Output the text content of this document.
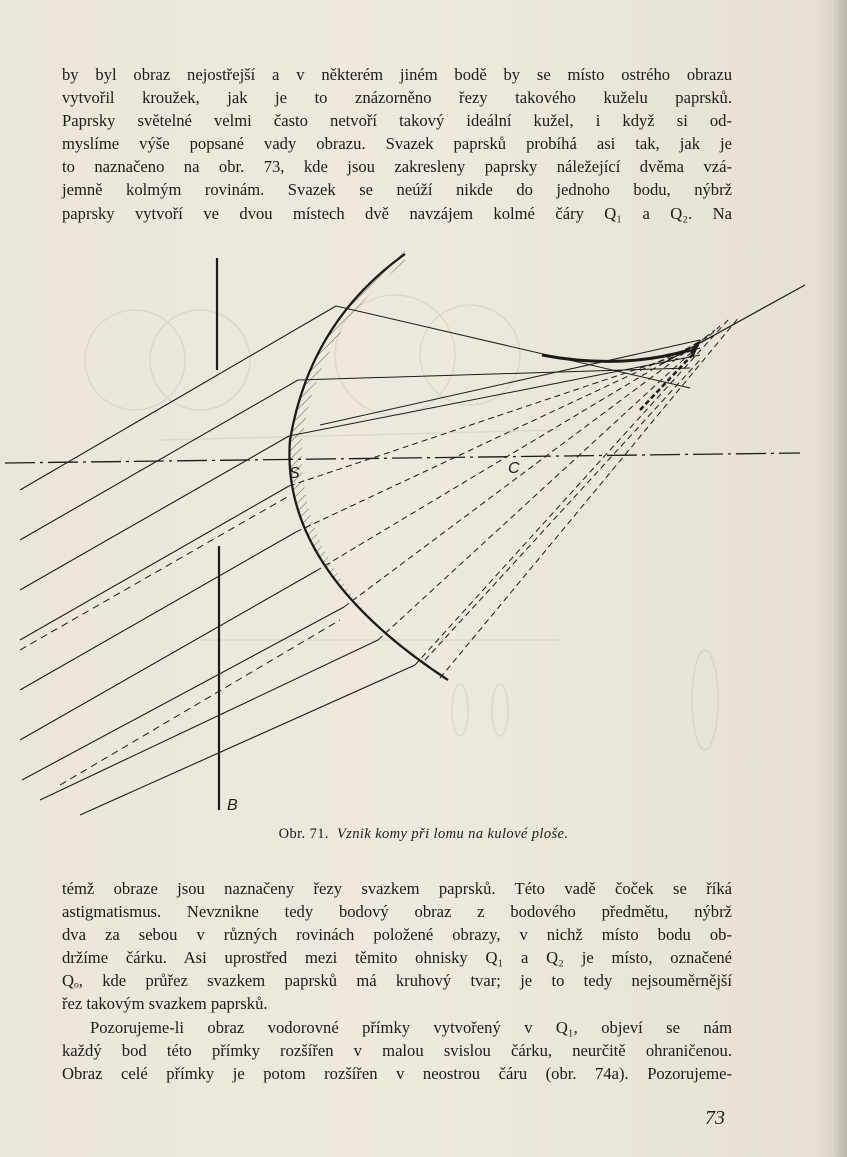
by byl obraz nejostřejší a v některém jiném bodě by se místo ostrého obrazu
vytvořil kroužek, jak je to znázorněno řezy takového kuželu paprsků.
Paprsky světelné velmi často netvoří takový ideální kužel, i když si od-
myslíme výše popsané vady obrazu. Svazek paprsků probíhá asi tak, jak je
to naznačeno na obr. 73, kde jsou zakresleny paprsky náležející dvěma vzá-
jemně kolmým rovinám. Svazek se neúží nikde do jednoho bodu, nýbrž
paprsky vytvoří ve dvou místech dvě navzájem kolmé čáry Q₁ a Q₂. Na
S	C
B
Obr. 71. Vznik komy při lomu na kulové ploše.
témž obraze jsou naznačeny řezy svazkem paprsků. Této vadě čoček se říká
astigmatismus. Nevznikne tedy bodový obraz z bodového předmětu, nýbrž
dva za sebou v různých rovinách položené obrazy, v nichž místo bodu ob-
držíme čárku. Asi uprostřed mezi těmito ohnisky Q₁ a Q₂ je místo, označené
Qₒ, kde průřez svazkem paprsků má kruhový tvar; je to tedy nejsouměrnější
řez takovým svazkem paprsků.
Pozorujeme-li obraz vodorovné přímky vytvořený v Q₁, objeví se nám
každý bod této přímky rozšířen v malou svislou čárku, neurčitě ohraničenou.
Obraz celé přímky je potom rozšířen v neostrou čáru (obr. 74a). Pozorujeme-
73
